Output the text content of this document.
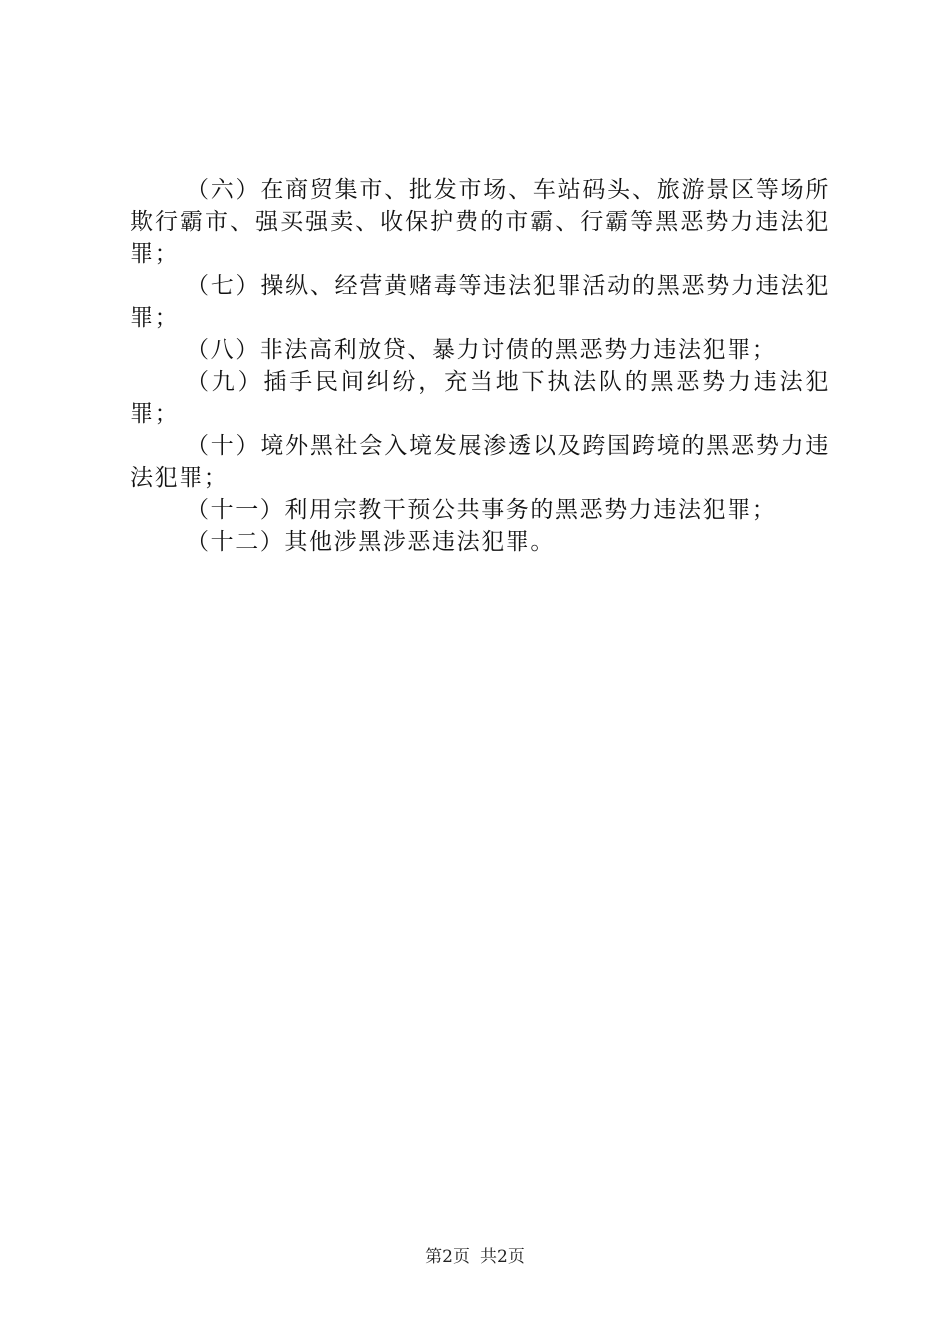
（六）在商贸集市、批发市场、车站码头、旅游景区等场所欺行霸市、强买强卖、收保护费的市霸、行霸等黑恶势力违法犯罪；

（七）操纵、经营黄赌毒等违法犯罪活动的黑恶势力违法犯罪；

（八）非法高利放贷、暴力讨债的黑恶势力违法犯罪；

（九）插手民间纠纷，充当地下执法队的黑恶势力违法犯罪；

（十）境外黑社会入境发展渗透以及跨国跨境的黑恶势力违法犯罪；

（十一）利用宗教干预公共事务的黑恶势力违法犯罪；

（十二）其他涉黑涉恶违法犯罪。

第2页 共2页
